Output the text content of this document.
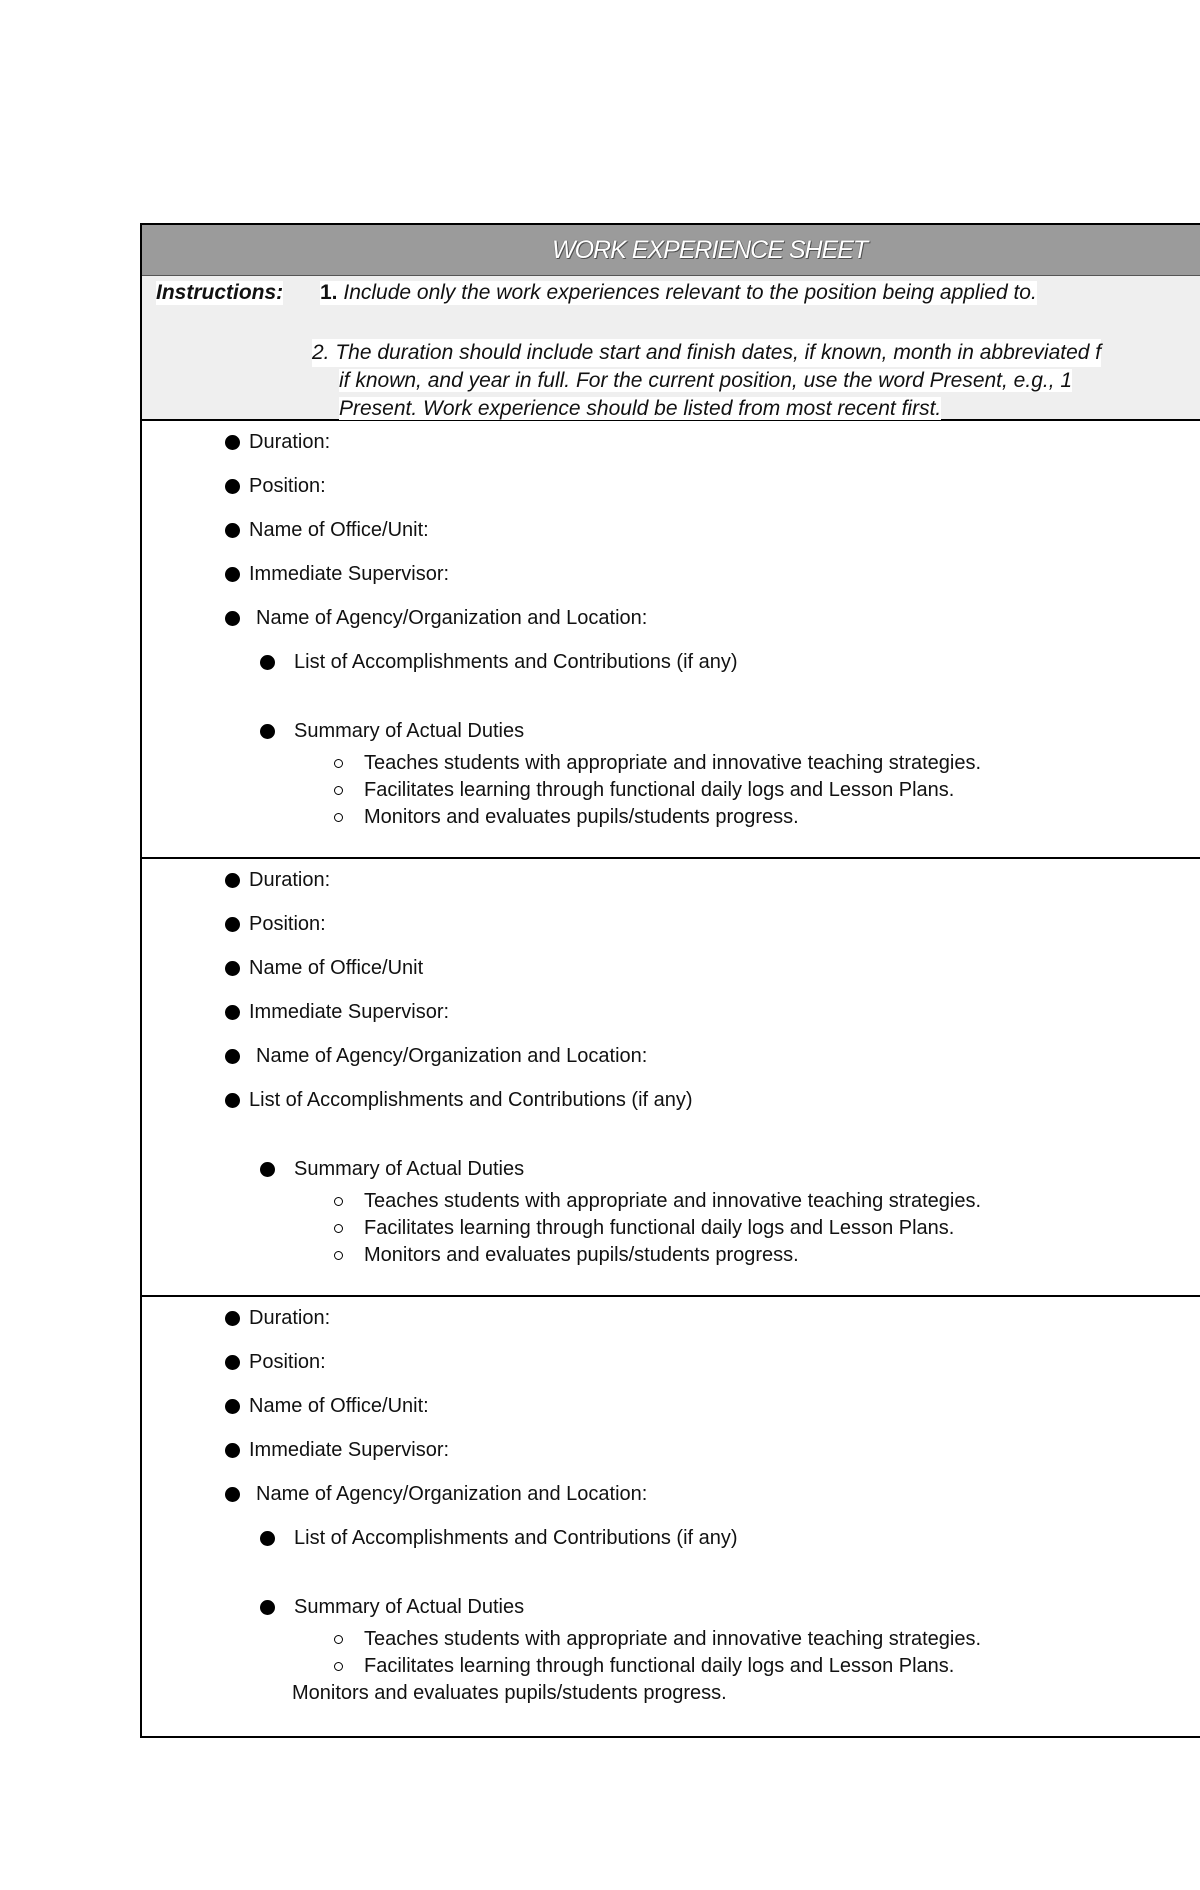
WORK EXPERIENCE SHEET
Instructions: 1. Include only the work experiences relevant to the position being applied to.
2. The duration should include start and finish dates, if known, month in abbreviated f
if known, and year in full. For the current position, use the word Present, e.g., 1
Present. Work experience should be listed from most recent first.
Duration:
Position:
Name of Office/Unit:
Immediate Supervisor:
Name of Agency/Organization and Location:
List of Accomplishments and Contributions (if any)
Summary of Actual Duties
Teaches students with appropriate and innovative teaching strategies.
Facilitates learning through functional daily logs and Lesson Plans.
Monitors and evaluates pupils/students progress.
Duration:
Position:
Name of Office/Unit
Immediate Supervisor:
Name of Agency/Organization and Location:
List of Accomplishments and Contributions (if any)
Summary of Actual Duties
Teaches students with appropriate and innovative teaching strategies.
Facilitates learning through functional daily logs and Lesson Plans.
Monitors and evaluates pupils/students progress.
Duration:
Position:
Name of Office/Unit:
Immediate Supervisor:
Name of Agency/Organization and Location:
List of Accomplishments and Contributions (if any)
Summary of Actual Duties
Teaches students with appropriate and innovative teaching strategies.
Facilitates learning through functional daily logs and Lesson Plans.
Monitors and evaluates pupils/students progress.
